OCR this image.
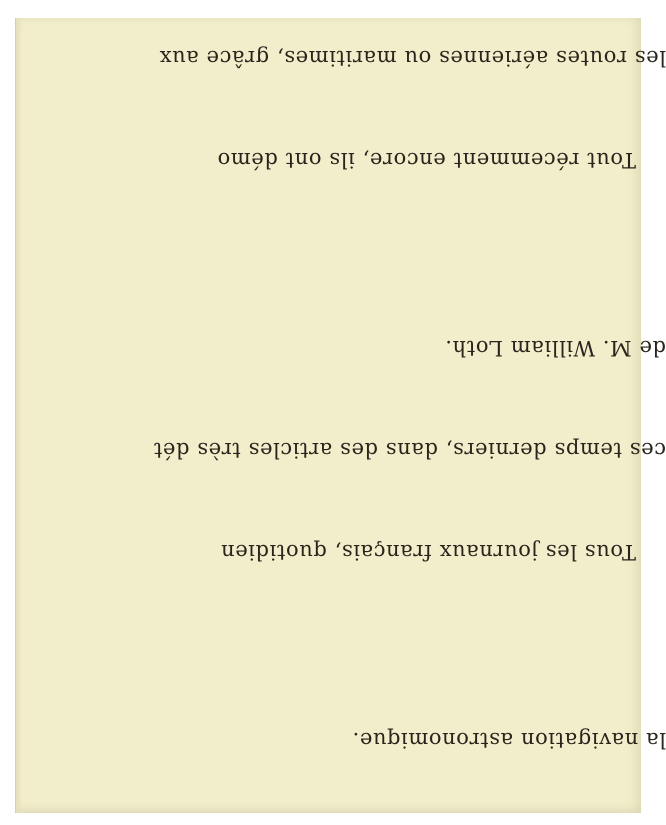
la navigation astronomique.

Tous les journaux français, quotidien

ces temps derniers, dans des articles très dét

de M. William Loth.

Tout récemment encore, ils ont démo

les routes aériennes ou maritimes, grâce aux
